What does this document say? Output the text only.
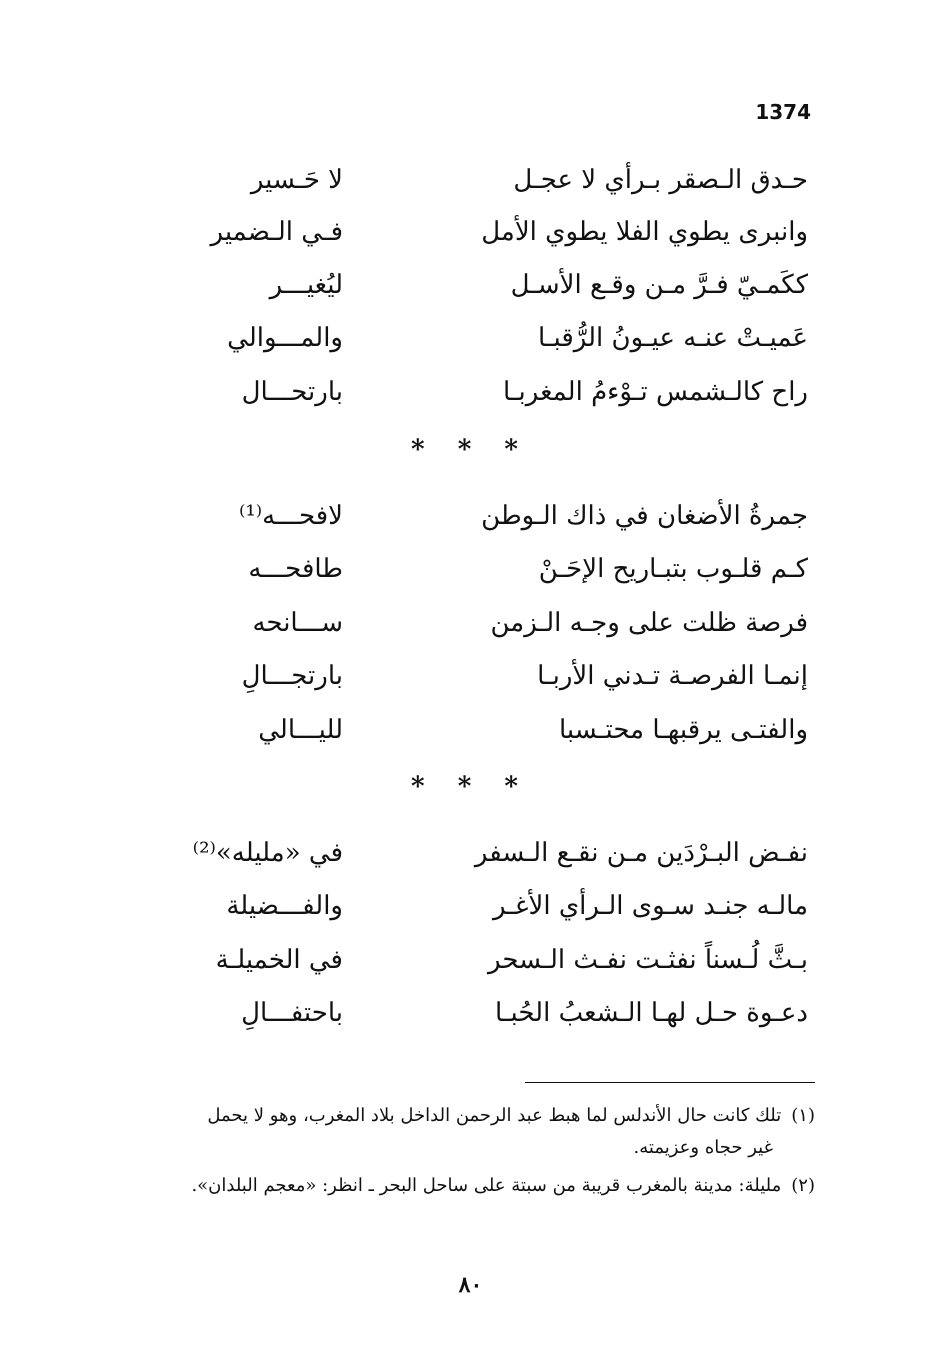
1374
حـدق الـصقر بـرأي لا عجـل
لا حَـسير
وانبرى يطوي الفلا يطوي الأمل
فـي الـضمير
ككَمـيّ فـرَّ مـن وقـع الأسـل
ليُغيـــر
عَميـتْ عنـه عيـونُ الرُّقبـا
والمـــوالي
راح كالـشمس تـوْءمُ المغربـا
بارتحـــال
* * *
جمرةُ الأضغان في ذاك الـوطن
لافحـــه⁽¹⁾
كـم قلـوب بتبـاريح الإحَـنْ
طافحـــه
فرصة ظلت على وجـه الـزمن
ســـانحه
إنمـا الفرصـة تـدني الأربـا
بارتجـــالِ
والفتـى يرقبهـا محتـسبا
لليـــالي
* * *
نفـض البـرْدَين مـن نقـع الـسفر
في «مليله»⁽²⁾
مالـه جنـد سـوى الـرأي الأغـر
والفـــضيلة
بـثَّ لُـسناً نفثـت نفـث الـسحر
في الخميلـة
دعـوة حـل لهـا الـشعبُ الحُبـا
باحتفـــالِ
(١)تلك كانت حال الأندلس لما هبط عبد الرحمن الداخل بلاد المغرب، وهو لا يحمل
غير حجاه وعزيمته.
(٢)مليلة: مدينة بالمغرب قريبة من سبتة على ساحل البحر ـ انظر: «معجم البلدان».
٨٠
